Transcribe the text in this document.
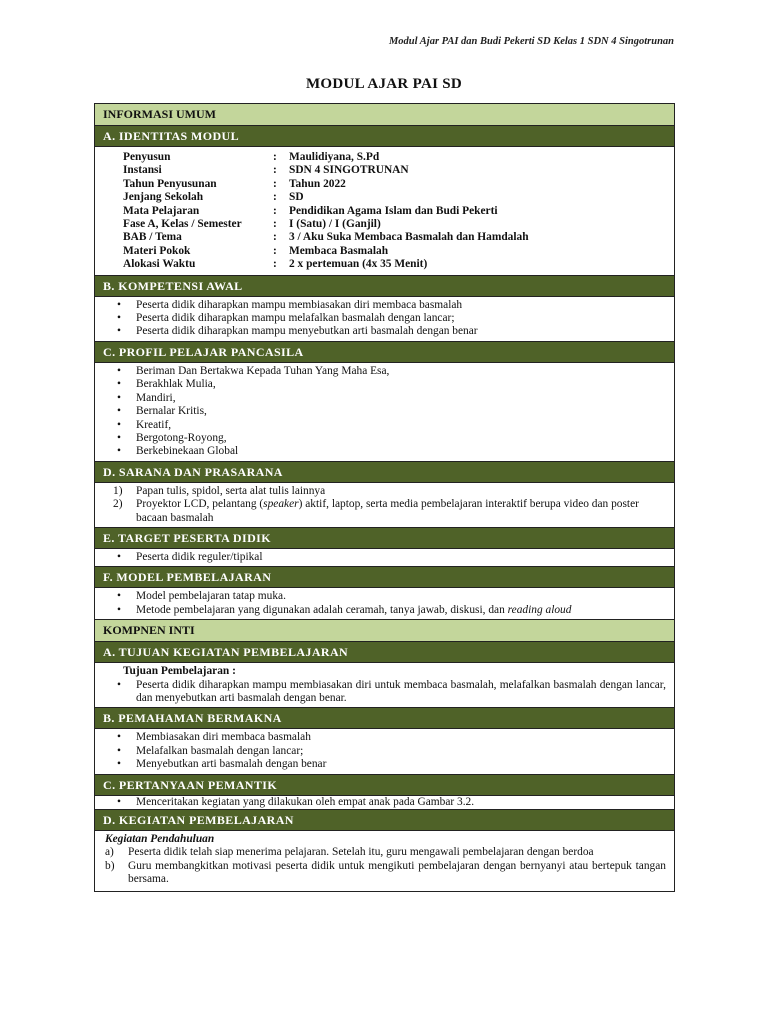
Modul Ajar PAI dan Budi Pekerti SD Kelas 1 SDN 4 Singotrunan
MODUL AJAR PAI SD
INFORMASI UMUM
A. IDENTITAS MODUL
Penyusun	:	Maulidiyana, S.Pd
Instansi	:	SDN 4 SINGOTRUNAN
Tahun Penyusunan	:	Tahun 2022
Jenjang Sekolah	:	SD
Mata Pelajaran	:	Pendidikan Agama Islam dan Budi Pekerti
Fase A, Kelas / Semester	:	I (Satu) / I (Ganjil)
BAB / Tema	:	3 / Aku Suka Membaca Basmalah dan Hamdalah
Materi Pokok	:	Membaca Basmalah
Alokasi Waktu	:	2 x pertemuan (4x 35 Menit)
B. KOMPETENSI AWAL
• Peserta didik diharapkan mampu membiasakan diri membaca basmalah
• Peserta didik diharapkan mampu melafalkan basmalah dengan lancar;
• Peserta didik diharapkan mampu menyebutkan arti basmalah dengan benar
C. PROFIL PELAJAR PANCASILA
• Beriman Dan Bertakwa Kepada Tuhan Yang Maha Esa,
• Berakhlak Mulia,
• Mandiri,
• Bernalar Kritis,
• Kreatif,
• Bergotong-Royong,
• Berkebinekaan Global
D. SARANA DAN PRASARANA
1) Papan tulis, spidol, serta alat tulis lainnya
2) Proyektor LCD, pelantang (speaker) aktif, laptop, serta media pembelajaran interaktif berupa video dan poster bacaan basmalah
E. TARGET PESERTA DIDIK
• Peserta didik reguler/tipikal
F. MODEL PEMBELAJARAN
• Model pembelajaran tatap muka.
• Metode pembelajaran yang digunakan adalah ceramah, tanya jawab, diskusi, dan reading aloud
KOMPNEN INTI
A. TUJUAN KEGIATAN PEMBELAJARAN
Tujuan Pembelajaran :
• Peserta didik diharapkan mampu membiasakan diri untuk membaca basmalah, melafalkan basmalah dengan lancar, dan menyebutkan arti basmalah dengan benar.
B. PEMAHAMAN BERMAKNA
• Membiasakan diri membaca basmalah
• Melafalkan basmalah dengan lancar;
• Menyebutkan arti basmalah dengan benar
C. PERTANYAAN PEMANTIK
• Menceritakan kegiatan yang dilakukan oleh empat anak pada Gambar 3.2.
D. KEGIATAN PEMBELAJARAN
Kegiatan Pendahuluan
a) Peserta didik telah siap menerima pelajaran. Setelah itu, guru mengawali pembelajaran dengan berdoa
b) Guru membangkitkan motivasi peserta didik untuk mengikuti pembelajaran dengan bernyanyi atau bertepuk tangan bersama.
